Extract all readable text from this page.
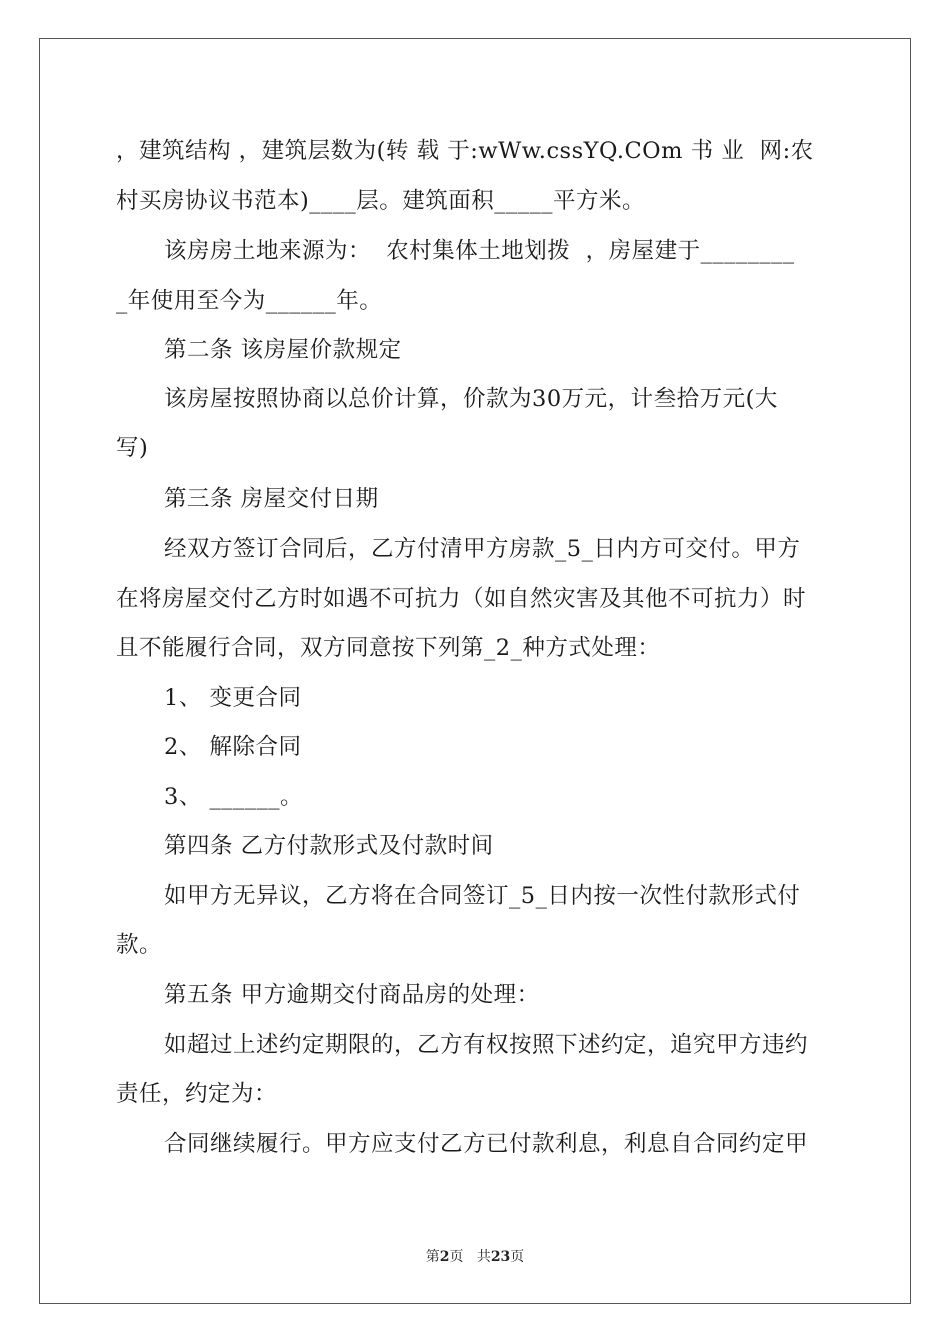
，建筑结构 ，建筑层数为(转 载 于:wWw.cssYQ.COm 书 业  网:农
村买房协议书范本)____层。建筑面积_____平方米。
该房房土地来源为：  农村集体土地划拨  ，房屋建于________
_年使用至今为______年。
第二条 该房屋价款规定
该房屋按照协商以总价计算，价款为30万元，计叁拾万元(大
写)
第三条 房屋交付日期
经双方签订合同后，乙方付清甲方房款_5_日内方可交付。甲方
在将房屋交付乙方时如遇不可抗力（如自然灾害及其他不可抗力）时
且不能履行合同，双方同意按下列第_2_种方式处理：
1、 变更合同
2、 解除合同
3、 ______。
第四条 乙方付款形式及付款时间
如甲方无异议，乙方将在合同签订_5_日内按一次性付款形式付
款。
第五条 甲方逾期交付商品房的处理：
如超过上述约定期限的，乙方有权按照下述约定，追究甲方违约
责任，约定为：
合同继续履行。甲方应支付乙方已付款利息，利息自合同约定甲
第2页 共23页
